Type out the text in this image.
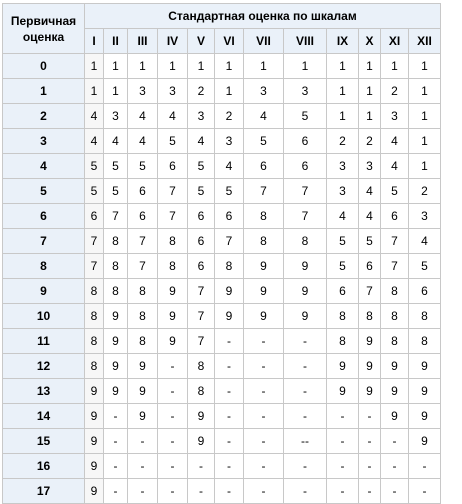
Первичная
оценка	Стандартная оценка по шкалам											
	I	II	III	IV	V	VI	VII	VIII	IX	X	XI	XII
0	1	1	1	1	1	1	1	1	1	1	1	1
1	1	1	3	3	2	1	3	3	1	1	2	1
2	4	3	4	4	3	2	4	5	1	1	3	1
3	4	4	4	5	4	3	5	6	2	2	4	1
4	5	5	5	6	5	4	6	6	3	3	4	1
5	5	5	6	7	5	5	7	7	3	4	5	2
6	6	7	6	7	6	6	8	7	4	4	6	3
7	7	8	7	8	6	7	8	8	5	5	7	4
8	7	8	7	8	6	8	9	9	5	6	7	5
9	8	8	8	9	7	9	9	9	6	7	8	6
10	8	9	8	9	7	9	9	9	8	8	8	8
11	8	9	8	9	7	-	-	-	8	9	8	8
12	8	9	9	-	8	-	-	-	9	9	9	9
13	9	9	9	-	8	-	-	-	9	9	9	9
14	9	-	9	-	9	-	-	-	-	-	9	9
15	9	-	-	-	9	-	-	--	-	-	-	9
16	9	-	-	-	-	-	-	-	-	-	-	-
17	9	-	-	-	-	-	-	-	-	-	-	-
